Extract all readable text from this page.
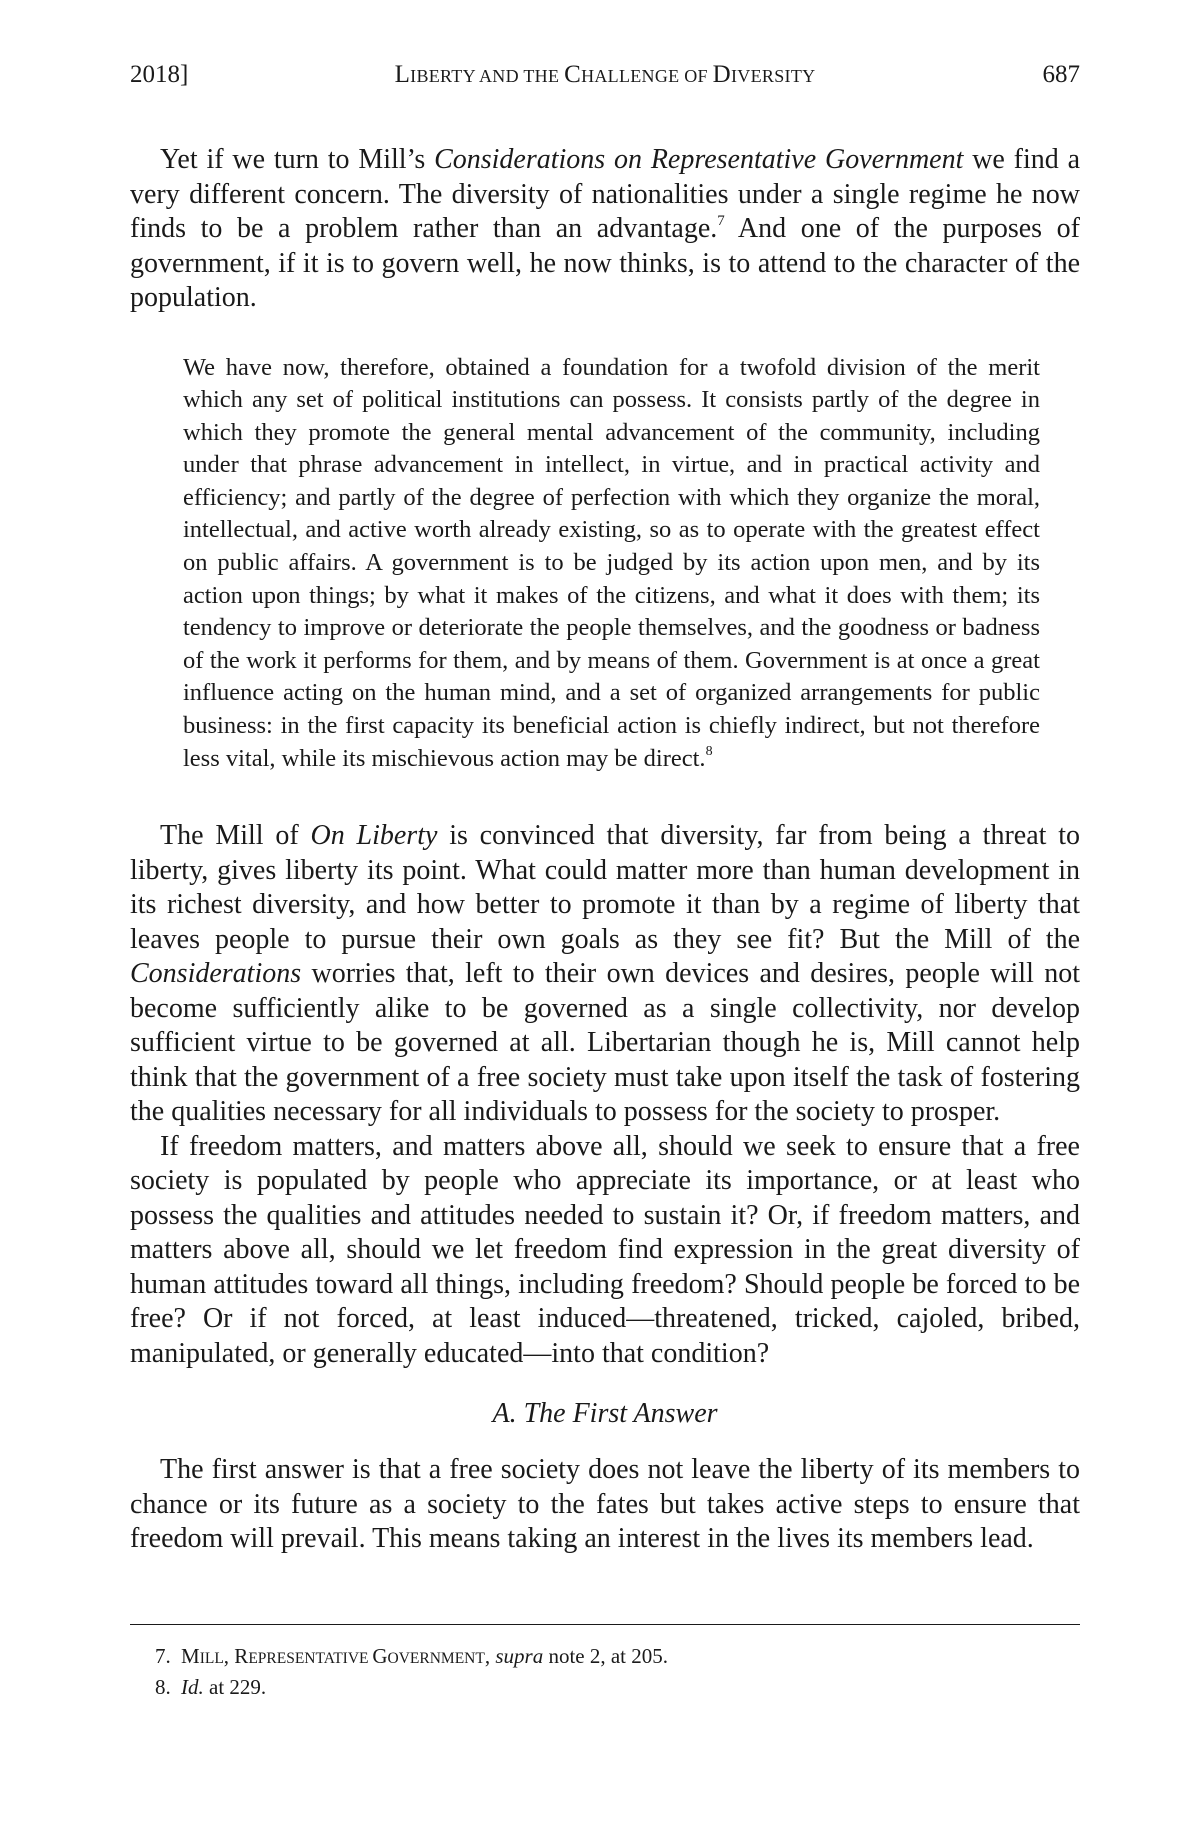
2018]	LIBERTY AND THE CHALLENGE OF DIVERSITY	687

Yet if we turn to Mill’s Considerations on Representative Government we find a very different concern. The diversity of nationalities under a single regime he now finds to be a problem rather than an advantage.$^7$ And one of the purposes of government, if it is to govern well, he now thinks, is to attend to the character of the population.

We have now, therefore, obtained a foundation for a twofold division of the merit which any set of political institutions can possess. It consists partly of the degree in which they promote the general mental advancement of the community, including under that phrase advancement in intellect, in virtue, and in practical activity and efficiency; and partly of the degree of perfection with which they organize the moral, intellectual, and active worth already existing, so as to operate with the greatest effect on public affairs. A government is to be judged by its action upon men, and by its action upon things; by what it makes of the citizens, and what it does with them; its tendency to improve or deteriorate the people themselves, and the goodness or badness of the work it performs for them, and by means of them. Government is at once a great influence acting on the human mind, and a set of organized arrangements for public business: in the first capacity its beneficial action is chiefly indirect, but not therefore less vital, while its mischievous action may be direct.$^8$

The Mill of On Liberty is convinced that diversity, far from being a threat to liberty, gives liberty its point. What could matter more than human development in its richest diversity, and how better to promote it than by a regime of liberty that leaves people to pursue their own goals as they see fit? But the Mill of the Considerations worries that, left to their own devices and desires, people will not become sufficiently alike to be governed as a single collectivity, nor develop sufficient virtue to be governed at all. Libertarian though he is, Mill cannot help think that the government of a free society must take upon itself the task of fostering the qualities necessary for all individuals to possess for the society to prosper.

If freedom matters, and matters above all, should we seek to ensure that a free society is populated by people who appreciate its importance, or at least who possess the qualities and attitudes needed to sustain it? Or, if freedom matters, and matters above all, should we let freedom find expression in the great diversity of human attitudes toward all things, including freedom? Should people be forced to be free? Or if not forced, at least induced—threatened, tricked, cajoled, bribed, manipulated, or generally educated—into that condition?

A. The First Answer

The first answer is that a free society does not leave the liberty of its members to chance or its future as a society to the fates but takes active steps to ensure that freedom will prevail. This means taking an interest in the lives its members lead.

7. MILL, REPRESENTATIVE GOVERNMENT, supra note 2, at 205.
8. Id. at 229.
